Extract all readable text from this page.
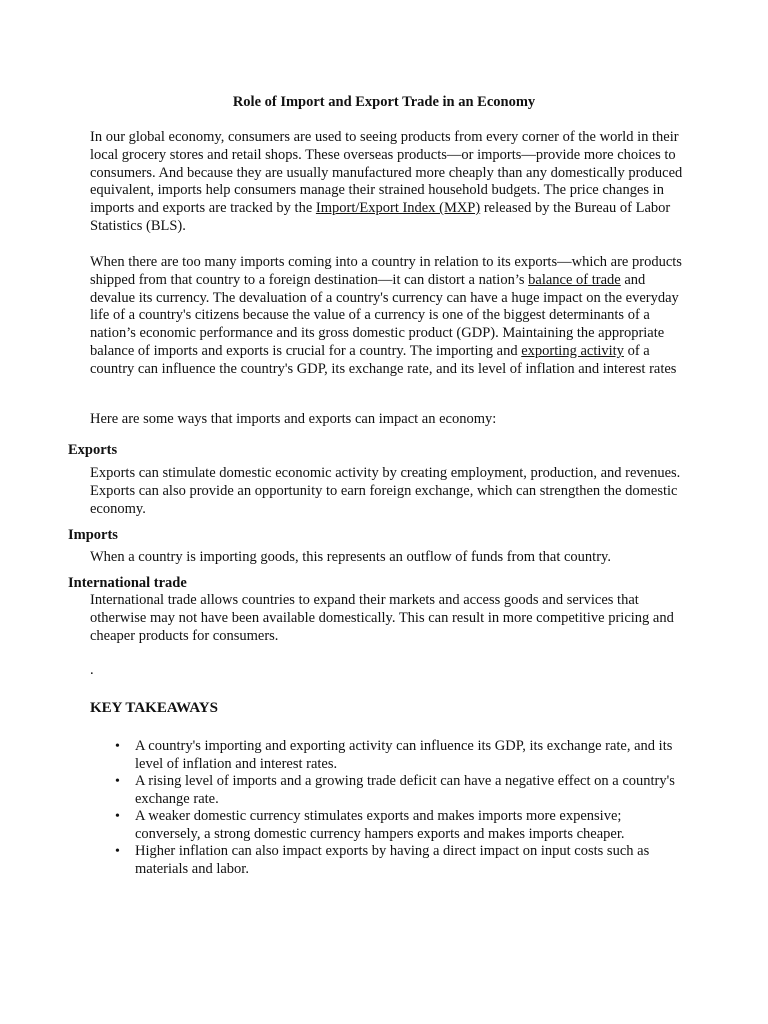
Role of Import and Export Trade in an Economy
In our global economy, consumers are used to seeing products from every corner of the world in their local grocery stores and retail shops. These overseas products—or imports—provide more choices to consumers. And because they are usually manufactured more cheaply than any domestically produced equivalent, imports help consumers manage their strained household budgets. The price changes in imports and exports are tracked by the Import/Export Index (MXP) released by the Bureau of Labor Statistics (BLS).
When there are too many imports coming into a country in relation to its exports—which are products shipped from that country to a foreign destination—it can distort a nation’s balance of trade and devalue its currency. The devaluation of a country's currency can have a huge impact on the everyday life of a country's citizens because the value of a currency is one of the biggest determinants of a nation’s economic performance and its gross domestic product (GDP). Maintaining the appropriate balance of imports and exports is crucial for a country. The importing and exporting activity of a country can influence the country's GDP, its exchange rate, and its level of inflation and interest rates
Here are some ways that imports and exports can impact an economy:
Exports
Exports can stimulate domestic economic activity by creating employment, production, and revenues. Exports can also provide an opportunity to earn foreign exchange, which can strengthen the domestic economy.
Imports
When a country is importing goods, this represents an outflow of funds from that country.
International trade
International trade allows countries to expand their markets and access goods and services that otherwise may not have been available domestically. This can result in more competitive pricing and cheaper products for consumers.
.
KEY TAKEAWAYS
• A country's importing and exporting activity can influence its GDP, its exchange rate, and its level of inflation and interest rates.
• A rising level of imports and a growing trade deficit can have a negative effect on a country's exchange rate.
• A weaker domestic currency stimulates exports and makes imports more expensive; conversely, a strong domestic currency hampers exports and makes imports cheaper.
• Higher inflation can also impact exports by having a direct impact on input costs such as materials and labor.
